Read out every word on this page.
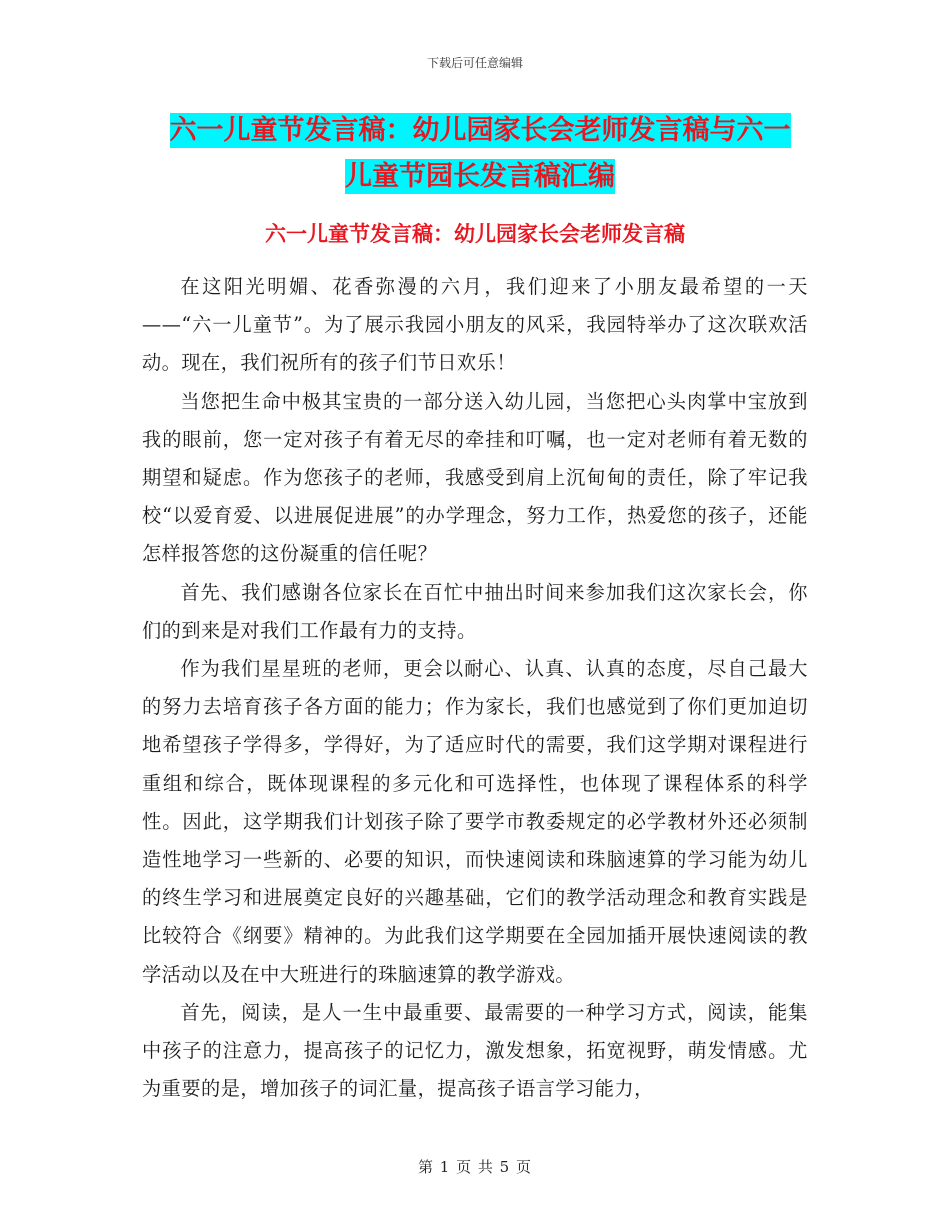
下载后可任意编辑
六一儿童节发言稿：幼儿园家长会老师发言稿与六一
儿童节园长发言稿汇编
六一儿童节发言稿：幼儿园家长会老师发言稿

在这阳光明媚、花香弥漫的六月，我们迎来了小朋友最希望的一天——“六一儿童节”。为了展示我园小朋友的风采，我园特举办了这次联欢活动。现在，我们祝所有的孩子们节日欢乐！

当您把生命中极其宝贵的一部分送入幼儿园，当您把心头肉掌中宝放到我的眼前，您一定对孩子有着无尽的牵挂和叮嘱，也一定对老师有着无数的期望和疑虑。作为您孩子的老师，我感受到肩上沉甸甸的责任，除了牢记我校“以爱育爱、以进展促进展”的办学理念，努力工作，热爱您的孩子，还能怎样报答您的这份凝重的信任呢？

首先、我们感谢各位家长在百忙中抽出时间来参加我们这次家长会，你们的到来是对我们工作最有力的支持。

作为我们星星班的老师，更会以耐心、认真、认真的态度，尽自己最大的努力去培育孩子各方面的能力；作为家长，我们也感觉到了你们更加迫切地希望孩子学得多，学得好，为了适应时代的需要，我们这学期对课程进行重组和综合，既体现课程的多元化和可选择性，也体现了课程体系的科学性。因此，这学期我们计划孩子除了要学市教委规定的必学教材外还必须制造性地学习一些新的、必要的知识，而快速阅读和珠脑速算的学习能为幼儿的终生学习和进展奠定良好的兴趣基础，它们的教学活动理念和教育实践是比较符合《纲要》精神的。为此我们这学期要在全园加插开展快速阅读的教学活动以及在中大班进行的珠脑速算的教学游戏。

首先，阅读，是人一生中最重要、最需要的一种学习方式，阅读，能集中孩子的注意力，提高孩子的记忆力，激发想象，拓宽视野，萌发情感。尤为重要的是，增加孩子的词汇量，提高孩子语言学习能力，

第 1 页 共 5 页
